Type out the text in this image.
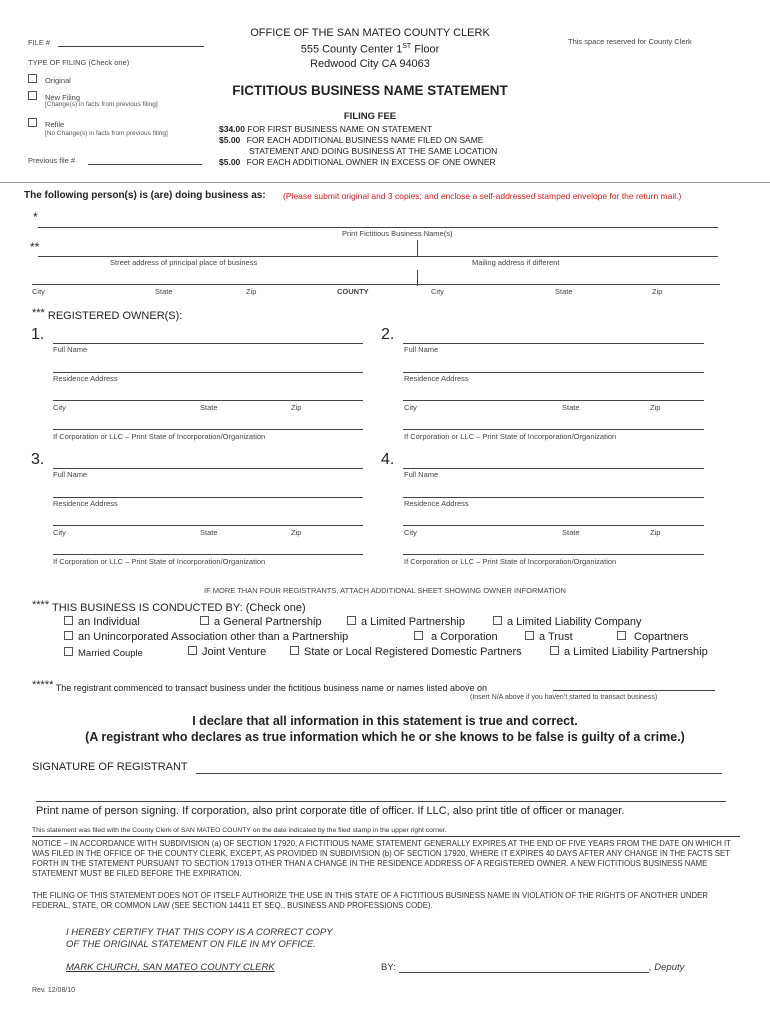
FILE #
TYPE OF FILING (Check one)
Original
New Filing
[Change(s) in facts from previous filing]
Refile
[No Change(s) in facts from previous filing]
Previous file #
OFFICE OF THE SAN MATEO COUNTY CLERK
555 County Center 1ST Floor
Redwood City CA 94063
FICTITIOUS BUSINESS NAME STATEMENT
FILING FEE
$34.00 FOR FIRST BUSINESS NAME ON STATEMENT
$5.00 FOR EACH ADDITIONAL BUSINESS NAME FILED ON SAME
STATEMENT AND DOING BUSINESS AT THE SAME LOCATION
$5.00 FOR EACH ADDITIONAL OWNER IN EXCESS OF ONE OWNER
This space reserved for County Clerk
The following person(s) is (are) doing business as: (Please submit original and 3 copies; and enclose a self-addressed stamped envelope for the return mail.)
*
Print Fictitious Business Name(s)
**
Street address of principal place of business	Mailing address if different
City	State	Zip	COUNTY	City	State	Zip
*** REGISTERED OWNER(S):
1.
Full Name
Residence Address
City	State	Zip
If Corporation or LLC – Print State of Incorporation/Organization
2.
Full Name
Residence Address
City	State	Zip
If Corporation or LLC – Print State of Incorporation/Organization
3.
Full Name
Residence Address
City	State	Zip
If Corporation or LLC – Print State of Incorporation/Organization
4.
Full Name
Residence Address
City	State	Zip
If Corporation or LLC – Print State of Incorporation/Organization
IF MORE THAN FOUR REGISTRANTS, ATTACH ADDITIONAL SHEET SHOWING OWNER INFORMATION
**** THIS BUSINESS IS CONDUCTED BY: (Check one)
an Individual	a General Partnership	a Limited Partnership	a Limited Liability Company
an Unincorporated Association other than a Partnership	a Corporation	a Trust	Copartners
Married Couple	Joint Venture	State or Local Registered Domestic Partners	a Limited Liability Partnership
***** The registrant commenced to transact business under the fictitious business name or names listed above on
(Insert N/A above if you haven’t started to transact business)
I declare that all information in this statement is true and correct.
(A registrant who declares as true information which he or she knows to be false is guilty of a crime.)
SIGNATURE OF REGISTRANT
Print name of person signing. If corporation, also print corporate title of officer. If LLC, also print title of officer or manager.
This statement was filed with the County Clerk of SAN MATEO COUNTY on the date indicated by the filed stamp in the upper right corner.
NOTICE – IN ACCORDANCE WITH SUBDIVISION (a) OF SECTION 17920, A FICTITIOUS NAME STATEMENT GENERALLY EXPIRES AT THE END OF FIVE YEARS FROM THE DATE ON WHICH IT WAS FILED IN THE OFFICE OF THE COUNTY CLERK, EXCEPT, AS PROVIDED IN SUBDIVISION (b) OF SECTION 17920, WHERE IT EXPIRES 40 DAYS AFTER ANY CHANGE IN THE FACTS SET FORTH IN THE STATEMENT PURSUANT TO SECTION 17913 OTHER THAN A CHANGE IN THE RESIDENCE ADDRESS OF A REGISTERED OWNER. A NEW FICTITIOUS BUSINESS NAME STATEMENT MUST BE FILED BEFORE THE EXPIRATION.
THE FILING OF THIS STATEMENT DOES NOT OF ITSELF AUTHORIZE THE USE IN THIS STATE OF A FICTITIOUS BUSINESS NAME IN VIOLATION OF THE RIGHTS OF ANOTHER UNDER FEDERAL, STATE, OR COMMON LAW (SEE SECTION 14411 ET SEQ., BUSINESS AND PROFESSIONS CODE).
I HEREBY CERTIFY THAT THIS COPY IS A CORRECT COPY
OF THE ORIGINAL STATEMENT ON FILE IN MY OFFICE.
MARK CHURCH, SAN MATEO COUNTY CLERK	BY:	, Deputy
Rev. 12/08/10
